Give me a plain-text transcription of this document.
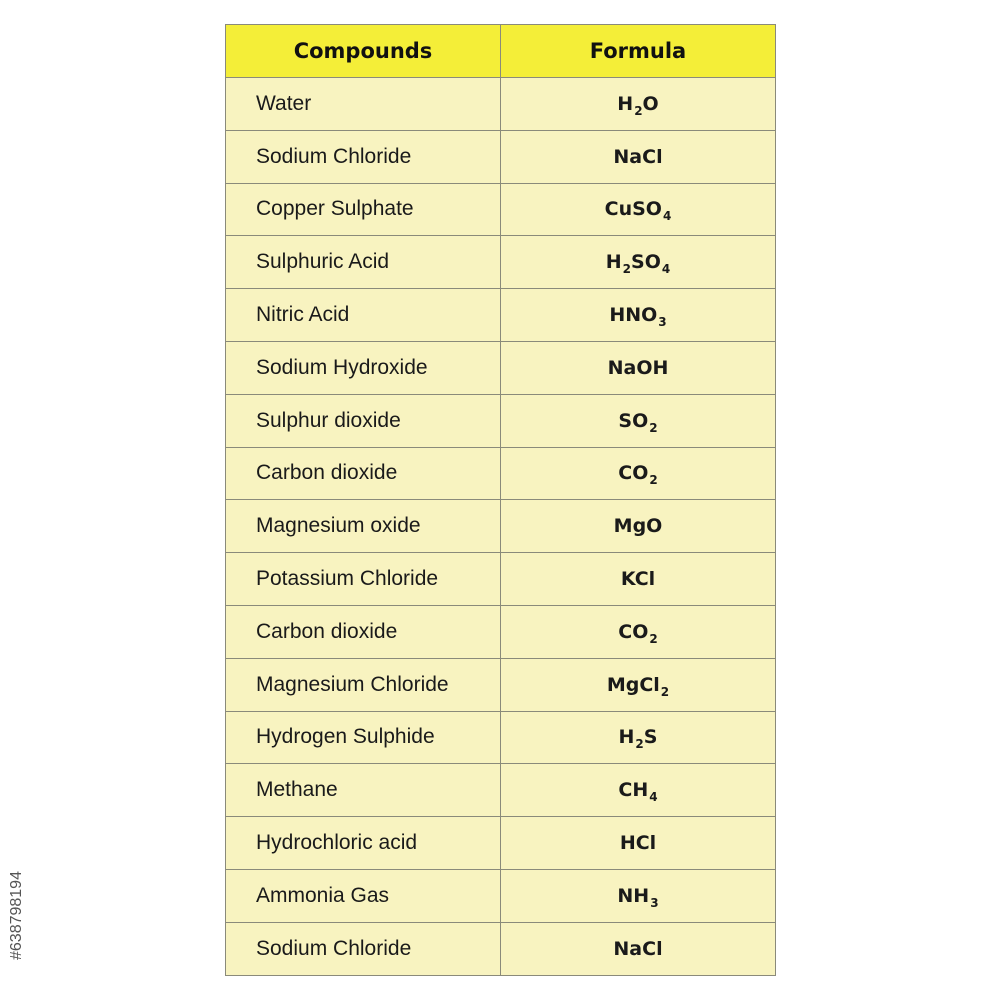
Compounds	Formula
Water	$H_2O$
Sodium Chloride	NaCl
Copper Sulphate	CuSO$_4$
Sulphuric Acid	$H_2SO_4$
Nitric Acid	$HNO_3$
Sodium Hydroxide	NaOH
Sulphur dioxide	$SO_2$
Carbon dioxide	$CO_2$
Magnesium oxide	MgO
Potassium Chloride	KCl
Carbon dioxide	$CO_2$
Magnesium Chloride	MgCl$_2$
Hydrogen Sulphide	$H_2S$
Methane	$CH_4$
Hydrochloric acid	HCl
Ammonia Gas	$NH_3$
Sodium Chloride	NaCl
#638798194
